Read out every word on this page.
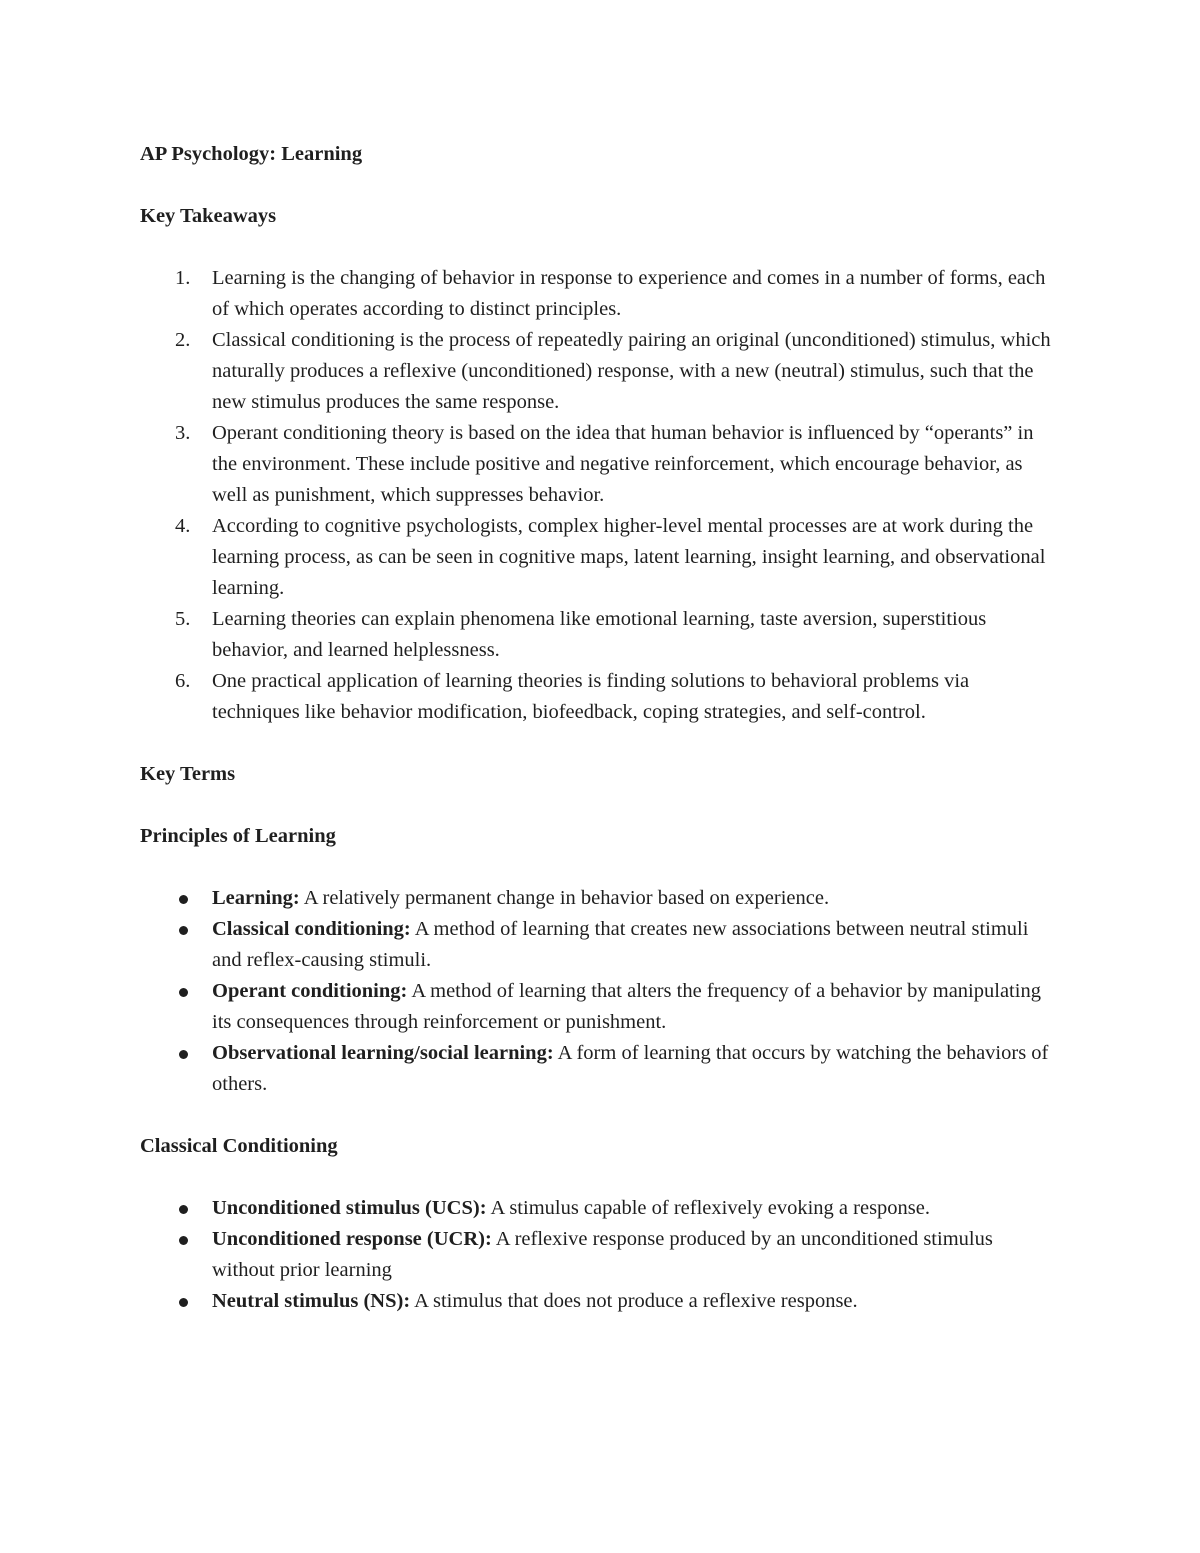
AP Psychology: Learning

Key Takeaways

1. Learning is the changing of behavior in response to experience and comes in a number of forms, each of which operates according to distinct principles.
2. Classical conditioning is the process of repeatedly pairing an original (unconditioned) stimulus, which naturally produces a reflexive (unconditioned) response, with a new (neutral) stimulus, such that the new stimulus produces the same response.
3. Operant conditioning theory is based on the idea that human behavior is influenced by “operants” in the environment. These include positive and negative reinforcement, which encourage behavior, as well as punishment, which suppresses behavior.
4. According to cognitive psychologists, complex higher-level mental processes are at work during the learning process, as can be seen in cognitive maps, latent learning, insight learning, and observational learning.
5. Learning theories can explain phenomena like emotional learning, taste aversion, superstitious behavior, and learned helplessness.
6. One practical application of learning theories is finding solutions to behavioral problems via techniques like behavior modification, biofeedback, coping strategies, and self-control.

Key Terms

Principles of Learning

Learning: A relatively permanent change in behavior based on experience.
Classical conditioning: A method of learning that creates new associations between neutral stimuli and reflex-causing stimuli.
Operant conditioning: A method of learning that alters the frequency of a behavior by manipulating its consequences through reinforcement or punishment.
Observational learning/social learning: A form of learning that occurs by watching the behaviors of others.

Classical Conditioning

Unconditioned stimulus (UCS): A stimulus capable of reflexively evoking a response.
Unconditioned response (UCR): A reflexive response produced by an unconditioned stimulus without prior learning
Neutral stimulus (NS): A stimulus that does not produce a reflexive response.
